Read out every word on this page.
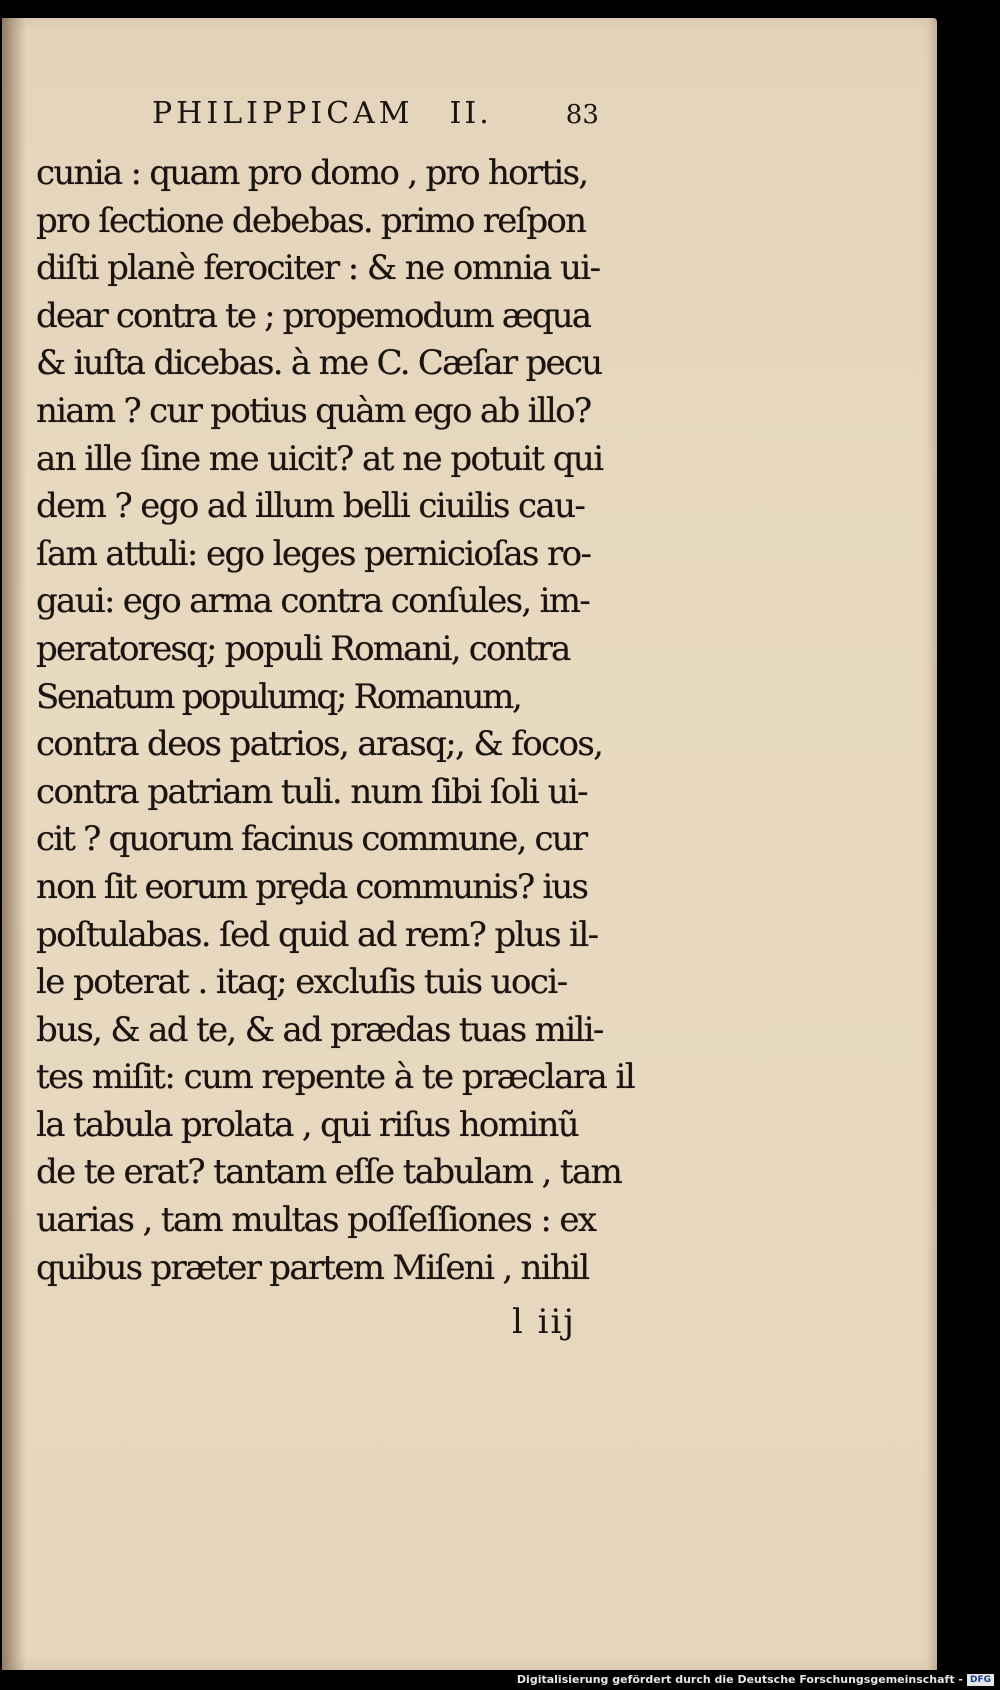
PHILIPPICAM II.	83
cunia : quam pro domo , pro hortis,
pro ſectione debebas. primo reſpon
diſti planè ferociter : & ne omnia ui-
dear contra te ; propemodum æqua
& iuſta dicebas. à me C. Cæſar pecu
niam ? cur potius quàm ego ab illo?
an ille ſine me uicit? at ne potuit qui
dem ? ego ad illum belli ciuilis cau-
ſam attuli: ego leges pernicioſas ro-
gaui: ego arma contra conſules, im-
peratoresq; populi Romani, contra
Senatum populumq; Romanum,
contra deos patrios, arasq;, & focos,
contra patriam tuli. num ſibi ſoli ui-
cit ? quorum facinus commune, cur
non ſit eorum prȩda communis? ius
poſtulabas. ſed quid ad rem? plus il-
le poterat . itaq; excluſis tuis uoci-
bus, & ad te, & ad prædas tuas mili-
tes miſit: cum repente à te præclara il
la tabula prolata , qui riſus hominũ
de te erat? tantam eſſe tabulam , tam
uarias , tam multas poſſeſſiones : ex
quibus præter partem Miſeni , nihil
l iij
Digitalisierung gefördert durch die Deutsche Forschungsgemeinschaft - DFG
